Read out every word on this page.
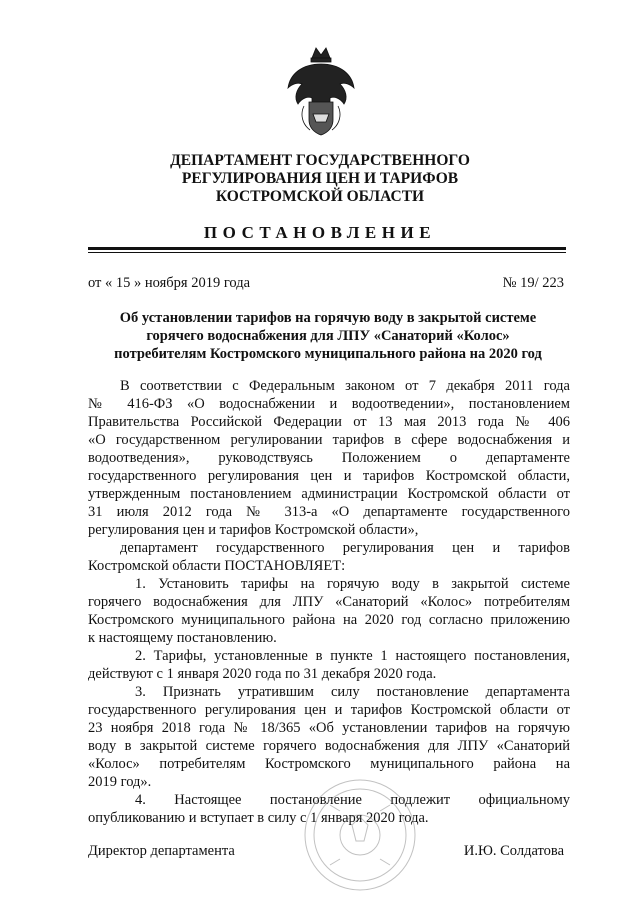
ДЕПАРТАМЕНТ ГОСУДАРСТВЕННОГО
РЕГУЛИРОВАНИЯ ЦЕН И ТАРИФОВ
КОСТРОМСКОЙ ОБЛАСТИ
ПОСТАНОВЛЕНИЕ
от « 15 » ноября 2019 года	№ 19/ 223
Об установлении тарифов на горячую воду в закрытой системе
горячего водоснабжения для ЛПУ «Санаторий «Колос»
потребителям Костромского муниципального района на 2020 год
В соответствии с Федеральным законом от 7 декабря 2011 года
№ 416-ФЗ «О водоснабжении и водоотведении», постановлением
Правительства Российской Федерации от 13 мая 2013 года № 406
«О государственном регулировании тарифов в сфере водоснабжения и
водоотведения», руководствуясь Положением о департаменте
государственного регулирования цен и тарифов Костромской области,
утвержденным постановлением администрации Костромской области от
31 июля 2012 года № 313-а «О департаменте государственного
регулирования цен и тарифов Костромской области»,
департамент государственного регулирования цен и тарифов
Костромской области ПОСТАНОВЛЯЕТ:
1. Установить тарифы на горячую воду в закрытой системе
горячего водоснабжения для ЛПУ «Санаторий «Колос» потребителям
Костромского муниципального района на 2020 год согласно приложению
к настоящему постановлению.
2. Тарифы, установленные в пункте 1 настоящего постановления,
действуют с 1 января 2020 года по 31 декабря 2020 года.
3. Признать утратившим силу постановление департамента
государственного регулирования цен и тарифов Костромской области от
23 ноября 2018 года № 18/365 «Об установлении тарифов на горячую
воду в закрытой системе горячего водоснабжения для ЛПУ «Санаторий
«Колос» потребителям Костромского муниципального района на
2019 год».
4. Настоящее постановление подлежит официальному
опубликованию и вступает в силу с 1 января 2020 года.
Директор департамента	И.Ю. Солдатова
